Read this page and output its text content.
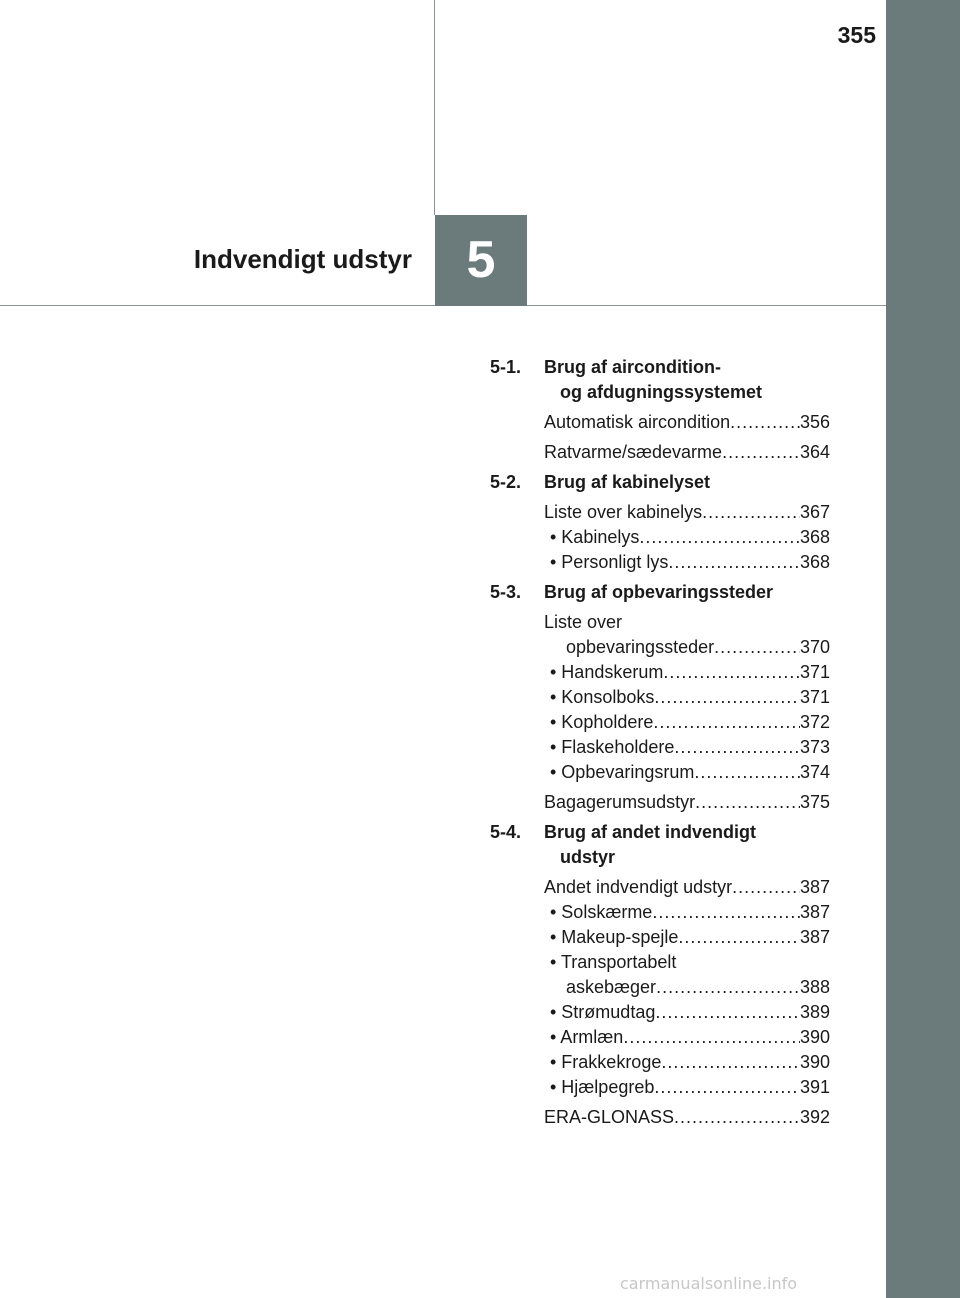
355
Indvendigt udstyr	5
5-1.	Brug af aircondition-
og afdugningssystemet
Automatisk aircondition .....	356
Ratvarme/sædevarme .....	364
5-2.	Brug af kabinelyset
Liste over kabinelys .....	367
• Kabinelys .....	368
• Personligt lys .....	368
5-3.	Brug af opbevaringssteder
Liste over
opbevaringssteder .....	370
• Handskerum .....	371
• Konsolboks .....	371
• Kopholdere .....	372
• Flaskeholdere .....	373
• Opbevaringsrum .....	374
Bagagerumsudstyr .....	375
5-4.	Brug af andet indvendigt
udstyr
Andet indvendigt udstyr .....	387
• Solskærme .....	387
• Makeup-spejle .....	387
• Transportabelt
askebæger .....	388
• Strømudtag .....	389
• Armlæn .....	390
• Frakkekroge .....	390
• Hjælpegreb .....	391
ERA-GLONASS .....	392
carmanualsonline.info
